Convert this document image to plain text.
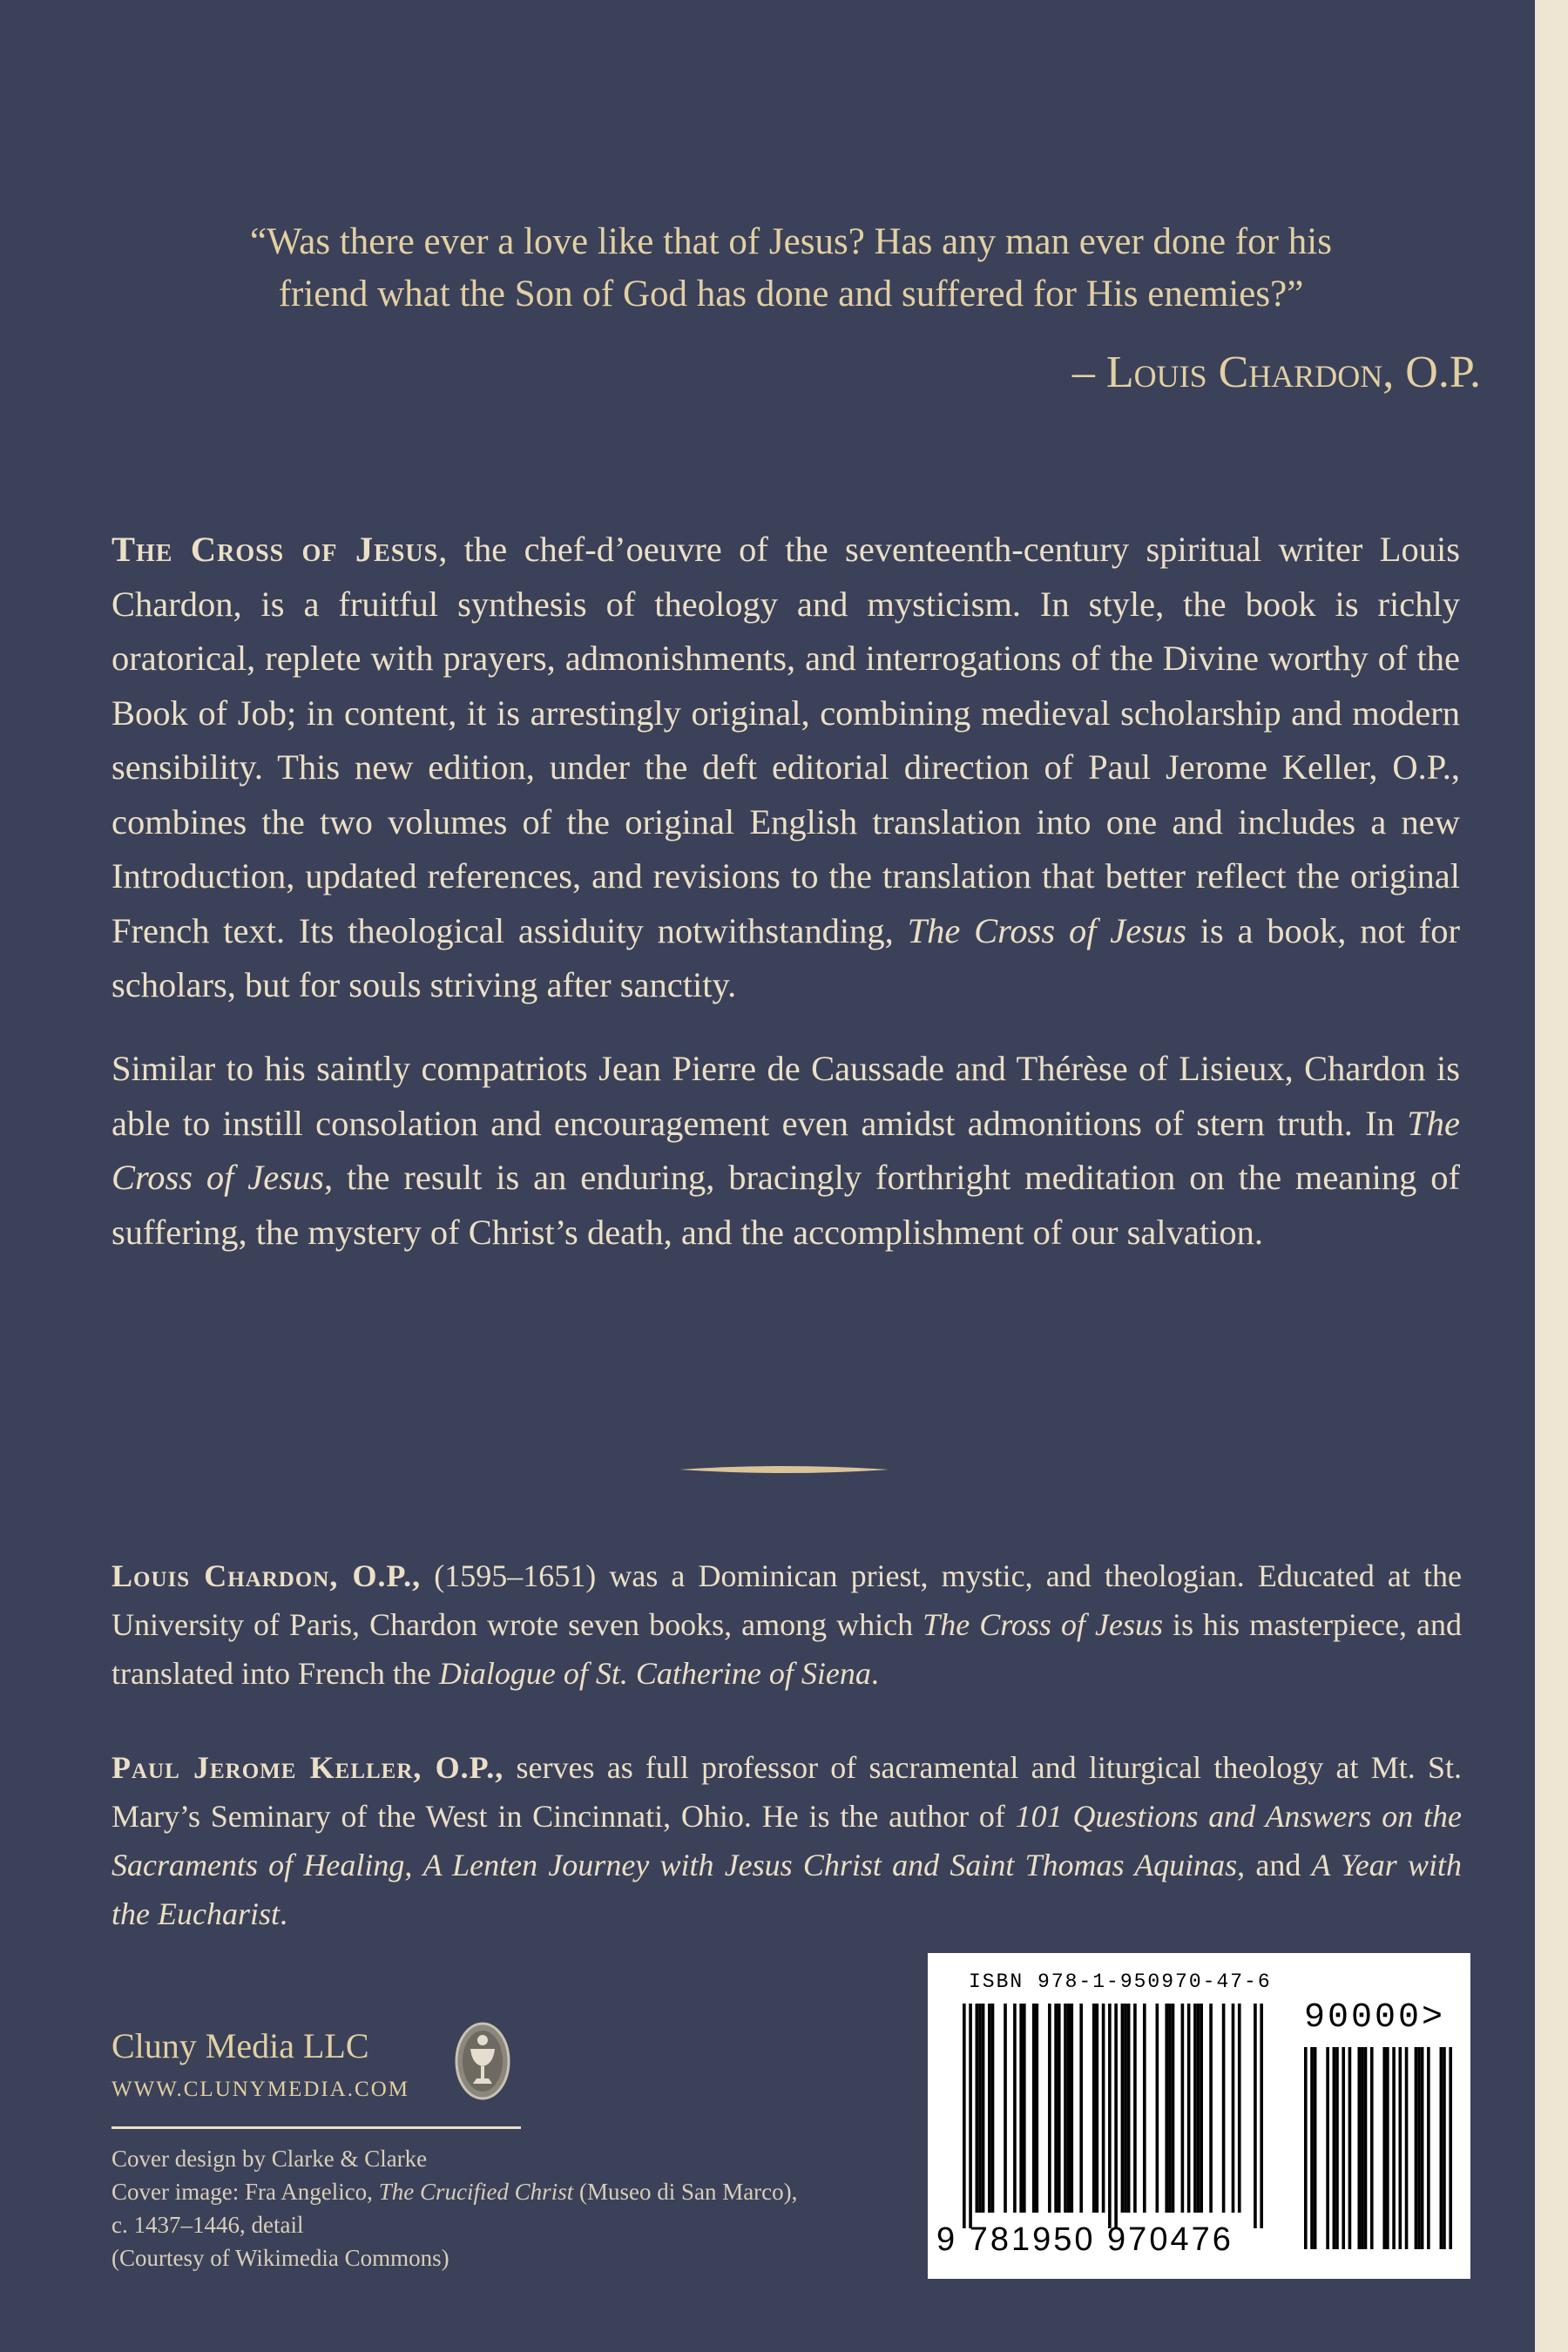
“Was there ever a love like that of Jesus? Has any man ever done for his

friend what the Son of God has done and suffered for His enemies?”

– Louis Chardon, O.P.

The Cross of Jesus, the chef-d’oeuvre of the seventeenth-century spiritual writer Louis Chardon, is a fruitful synthesis of theology and mysticism. In style, the book is richly oratorical, replete with prayers, admonishments, and interrogations of the Divine worthy of the Book of Job; in content, it is arrestingly original, combining medieval scholarship and modern sensibility. This new edition, under the deft editorial direction of Paul Jerome Keller, O.P., combines the two volumes of the original English translation into one and includes a new Introduction, updated references, and revisions to the translation that better reflect the original French text. Its theological assiduity notwithstanding, The Cross of Jesus is a book, not for scholars, but for souls striving after sanctity.

Similar to his saintly compatriots Jean Pierre de Caussade and Thérèse of Lisieux, Chardon is able to instill consolation and encouragement even amidst admonitions of stern truth. In The Cross of Jesus, the result is an enduring, bracingly forthright meditation on the meaning of suffering, the mystery of Christ’s death, and the accomplishment of our salvation.

Louis Chardon, O.P., (1595–1651) was a Dominican priest, mystic, and theologian. Educated at the University of Paris, Chardon wrote seven books, among which The Cross of Jesus is his masterpiece, and translated into French the Dialogue of St. Catherine of Siena.

Paul Jerome Keller, O.P., serves as full professor of sacramental and liturgical theology at Mt. St. Mary’s Seminary of the West in Cincinnati, Ohio. He is the author of 101 Questions and Answers on the Sacraments of Healing, A Lenten Journey with Jesus Christ and Saint Thomas Aquinas, and A Year with the Eucharist.

Cluny Media LLC

WWW.CLUNYMEDIA.COM

Cover design by Clarke & Clarke

Cover image: Fra Angelico, The Crucified Christ (Museo di San Marco),

c. 1437–1446, detail

(Courtesy of Wikimedia Commons)

ISBN 978-1-950970-47-6
90000>
9 781950 970476
